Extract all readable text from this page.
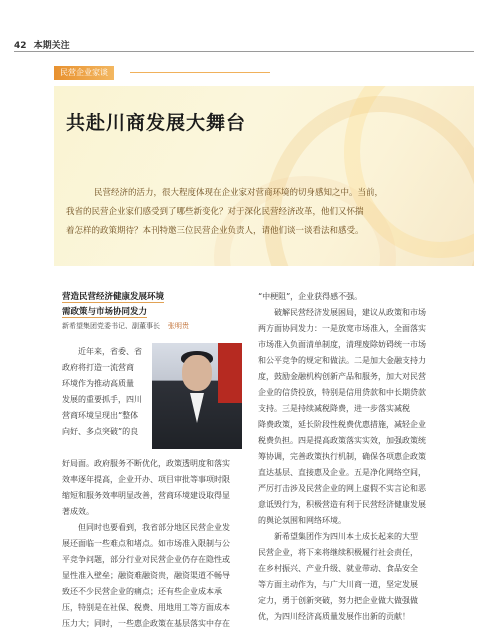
42 本期关注
民营企业家谈
共赴川商发展大舞台

民营经济的活力，很大程度体现在企业家对营商环境的切身感知之中。当前，

我省的民营企业家们感受到了哪些新变化？对于深化民营经济改革，他们又怀揣

着怎样的政策期待？本刊特邀三位民营企业负责人，请他们谈一谈看法和感受。

营造民营经济健康发展环境
需政策与市场协同发力
新希望集团党委书记、副董事长 张明贵

近年来，省委、省

政府将打造一流营商

环境作为推动高质量

发展的重要抓手，四川

营商环境呈现出“整体

向好、多点突破”的良

好局面。政府服务不断优化，政策透明度和落实

效率逐年提高，企业开办、项目审批等事项时限

缩短和服务效率明显改善，营商环境建设取得显

著成效。

但同时也要看到，我省部分地区民营企业发

展还面临一些难点和堵点。如市场准入限制与公

平竞争问题，部分行业对民营企业仍存在隐性或

显性准入壁垒；融资难融资贵，融资渠道不畅导

致还不少民营企业的痛点；还有些企业成本承

压，特别是在社保、税费、用地用工等方面成本

压力大；同时，一些惠企政策在基层落实中存在

“中梗阻”，企业获得感不强。

破解民营经济发展困局，建议从政策和市场

两方面协同发力：一是放宽市场准入，全面落实

市场准入负面清单制度，清理废除妨碍统一市场

和公平竞争的规定和做法。二是加大金融支持力

度，鼓励金融机构创新产品和服务，加大对民营

企业的信贷投放，特别是信用贷款和中长期贷款

支持。三是持续减税降费，进一步落实减税

降费政策，延长阶段性税费优惠措施，减轻企业

税费负担。四是提高政策落实实效，加强政策统

筹协调，完善政策执行机制，确保各项惠企政策

直达基层、直接惠及企业。五是净化网络空间，

严厉打击涉及民营企业的网上虚假不实言论和恶

意诋毁行为，积极营造有利于民营经济健康发展

的舆论氛围和网络环境。

新希望集团作为四川本土成长起来的大型

民营企业，将下来将继续积极履行社会责任，

在乡村振兴、产业升级、就业带动、食品安全

等方面主动作为，与广大川商一道，坚定发展

定力，勇于创新突破，努力把企业做大做强做

优，为四川经济高质量发展作出新的贡献！
